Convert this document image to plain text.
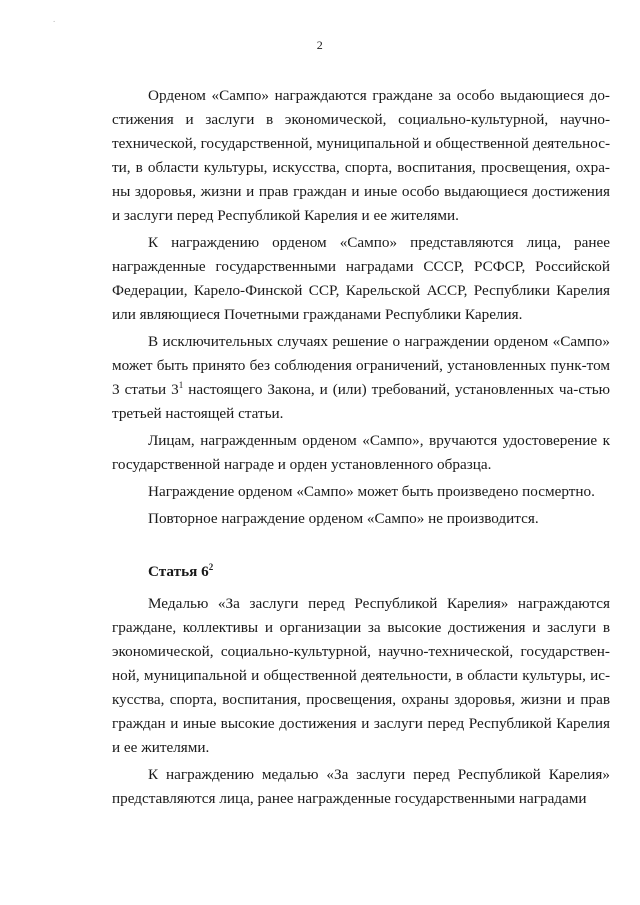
.
2

Орденом «Сампо» награждаются граждане за особо выдающиеся до-стижения и заслуги в экономической, социально-культурной, научно-технической, государственной, муниципальной и общественной деятельнос-ти, в области культуры, искусства, спорта, воспитания, просвещения, охра-ны здоровья, жизни и прав граждан и иные особо выдающиеся достижения и заслуги перед Республикой Карелия и ее жителями.

К награждению орденом «Сампо» представляются лица, ранее награжденные государственными наградами СССР, РСФСР, Российской Федерации, Карело-Финской ССР, Карельской АССР, Республики Карелия или являющиеся Почетными гражданами Республики Карелия.

В исключительных случаях решение о награждении орденом «Сампо» может быть принято без соблюдения ограничений, установленных пунк-том 3 статьи $3^1$ настоящего Закона, и (или) требований, установленных ча-стью третьей настоящей статьи.

Лицам, награжденным орденом «Сампо», вручаются удостоверение к государственной награде и орден установленного образца.

Награждение орденом «Сампо» может быть произведено посмертно.

Повторное награждение орденом «Сампо» не производится.

Статья $6^2$

Медалью «За заслуги перед Республикой Карелия» награждаются граждане, коллективы и организации за высокие достижения и заслуги в экономической, социально-культурной, научно-технической, государствен-ной, муниципальной и общественной деятельности, в области культуры, ис-кусства, спорта, воспитания, просвещения, охраны здоровья, жизни и прав граждан и иные высокие достижения и заслуги перед Республикой Карелия и ее жителями.

К награждению медалью «За заслуги перед Республикой Карелия» представляются лица, ранее награжденные государственными наградами
